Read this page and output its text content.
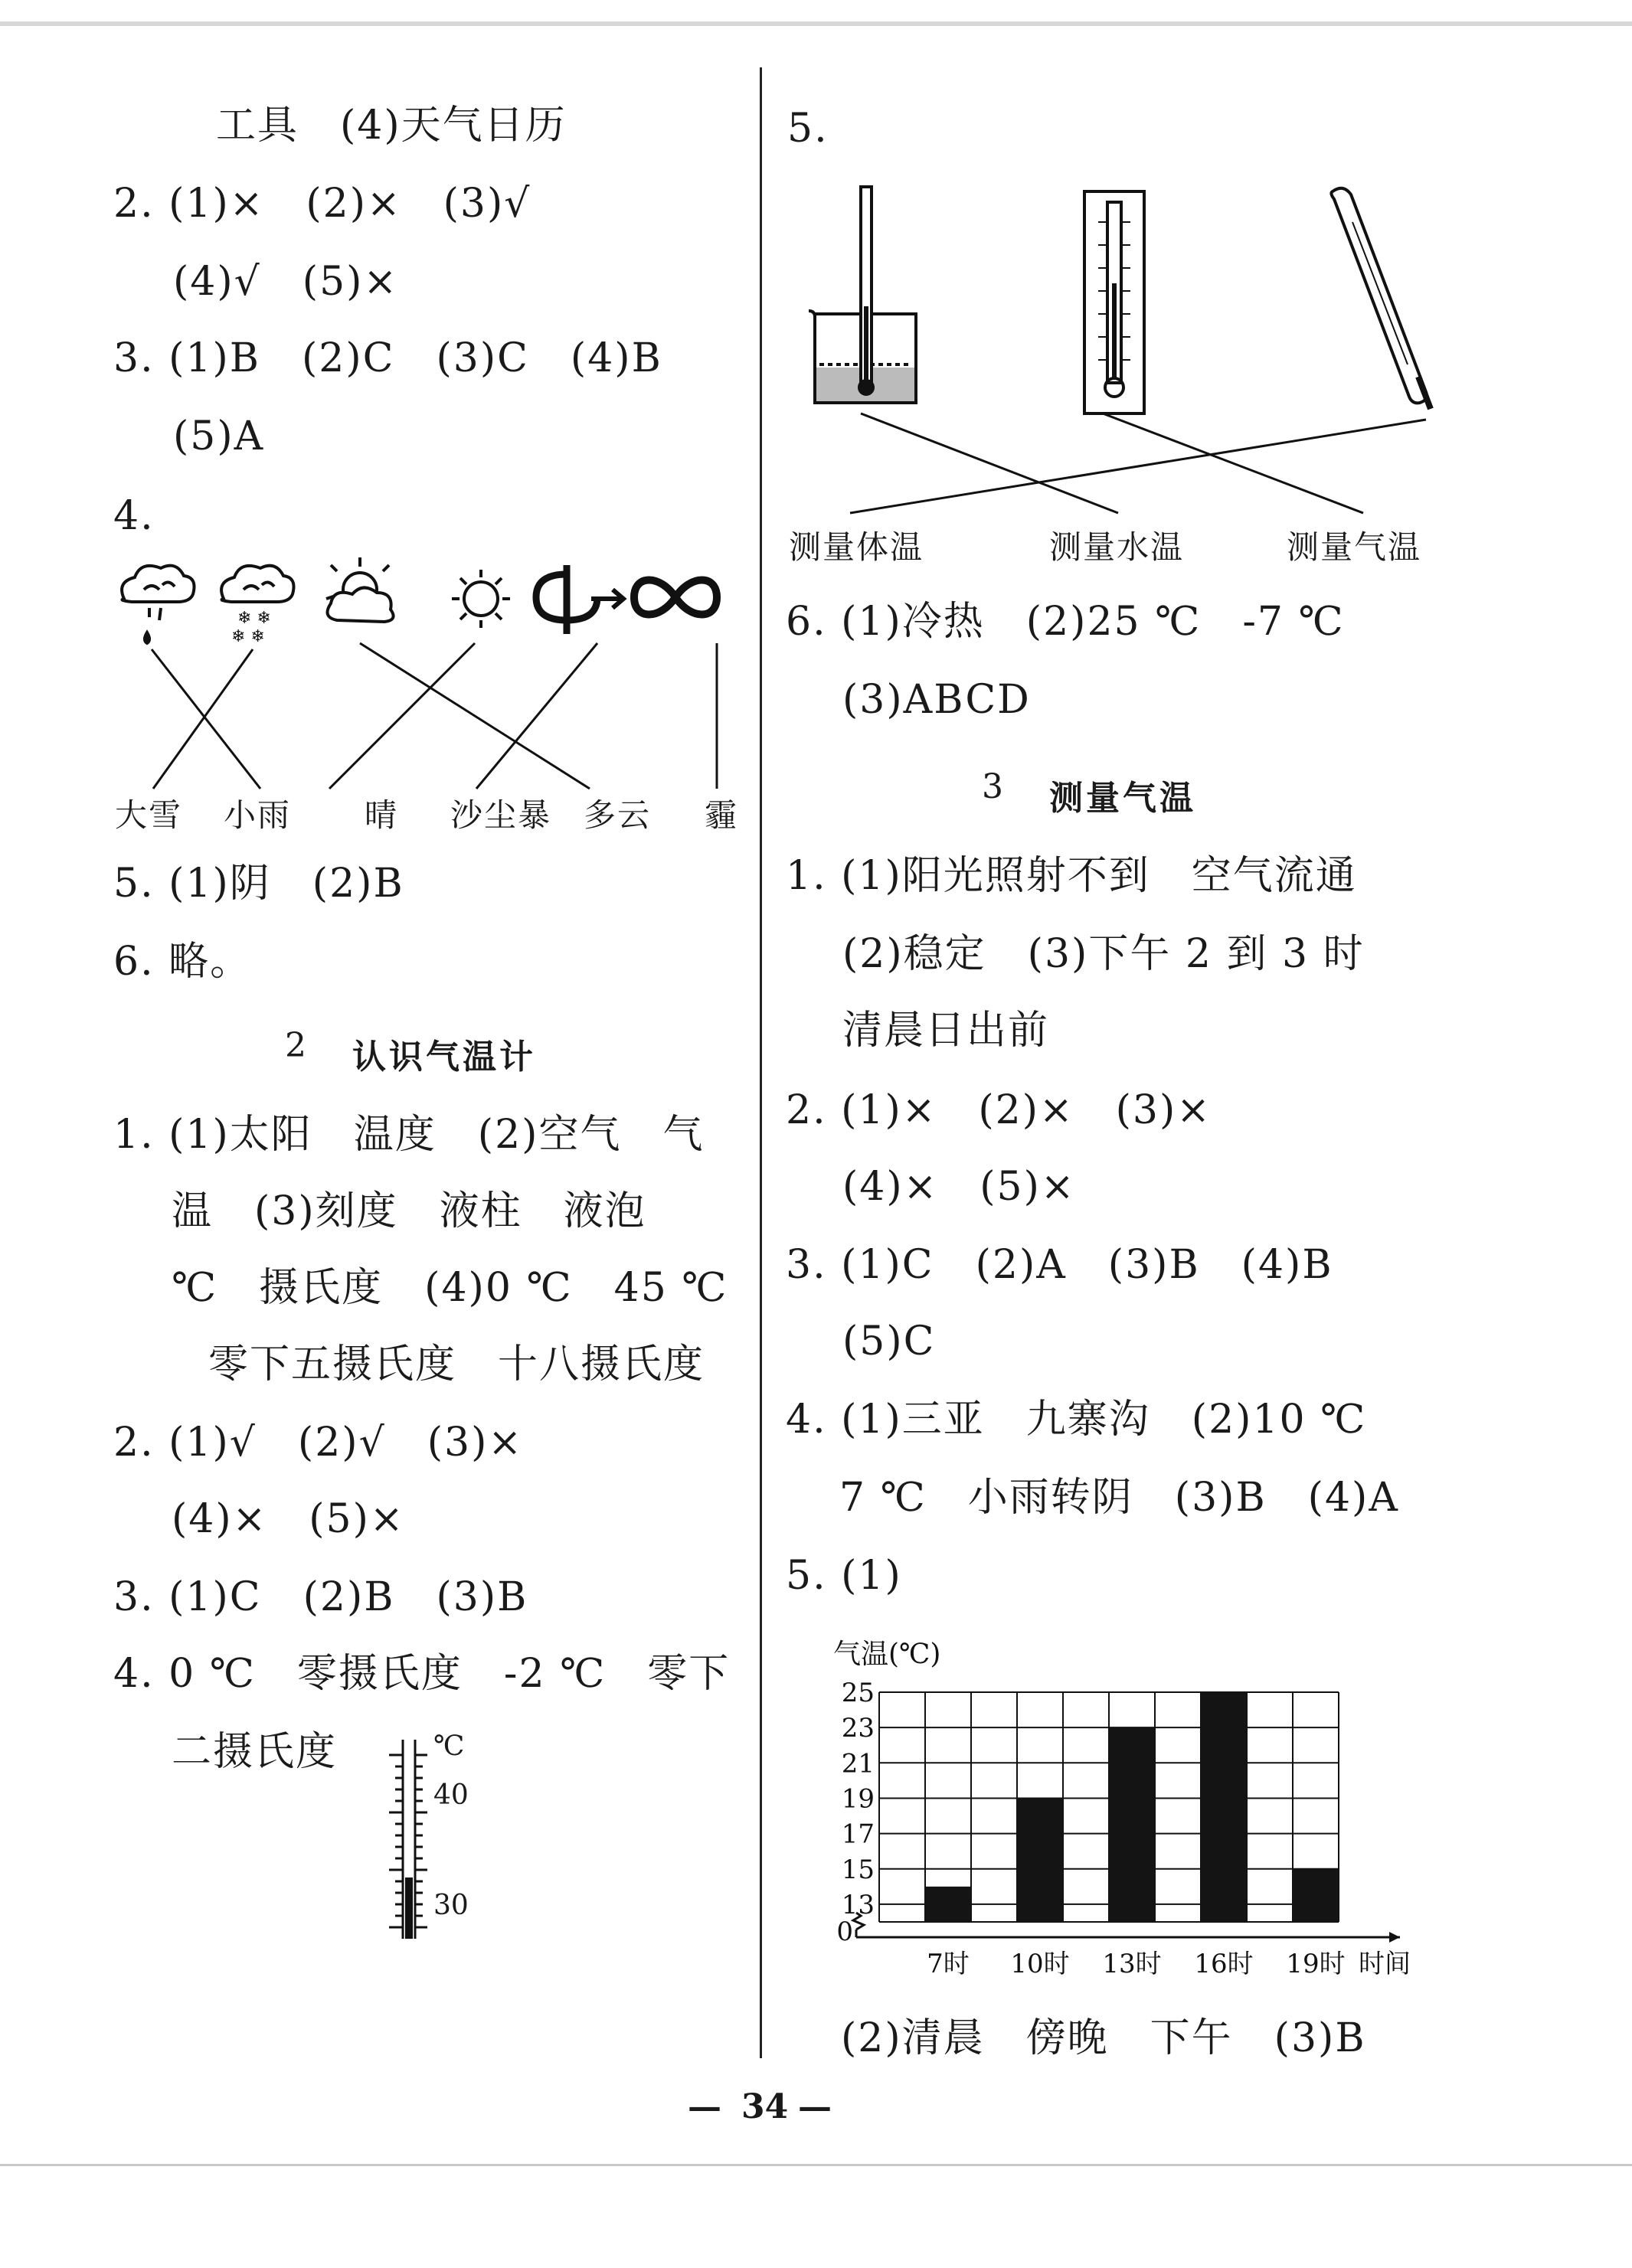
工具　(4)天气日历
2. (1)×　(2)×　(3)√
(4)√　(5)×
3. (1)B　(2)C　(3)C　(4)B
(5)A
4.
❄ ❄
❄ ❄
大雪 小雨 晴 沙尘暴 多云 霾
5. (1)阴　(2)B
6. 略。
2 认识气温计
1. (1)太阳　温度　(2)空气　气
温　(3)刻度　液柱　液泡
℃　摄氏度　(4)0 ℃　45 ℃
零下五摄氏度　十八摄氏度
2. (1)√　(2)√　(3)×
(4)×　(5)×
3. (1)C　(2)B　(3)B
4. 0 ℃　零摄氏度　-2 ℃　零下
二摄氏度	℃
40
30
5.
测量体温	测量水温	测量气温
6. (1)冷热　(2)25 ℃　-7 ℃
(3)ABCD
3 测量气温
1. (1)阳光照射不到　空气流通
(2)稳定　(3)下午 2 到 3 时
清晨日出前
2. (1)×　(2)×　(3)×
(4)×　(5)×
3. (1)C　(2)A　(3)B　(4)B
(5)C
4. (1)三亚　九寨沟　(2)10 ℃
7 ℃　小雨转阴　(3)B　(4)A
5. (1)
气温(℃)
13
15
17
19
21
23
25
0
7时 10时 13时 16时 19时 时间
(2)清晨　傍晚　下午　(3)B
— 34 —
